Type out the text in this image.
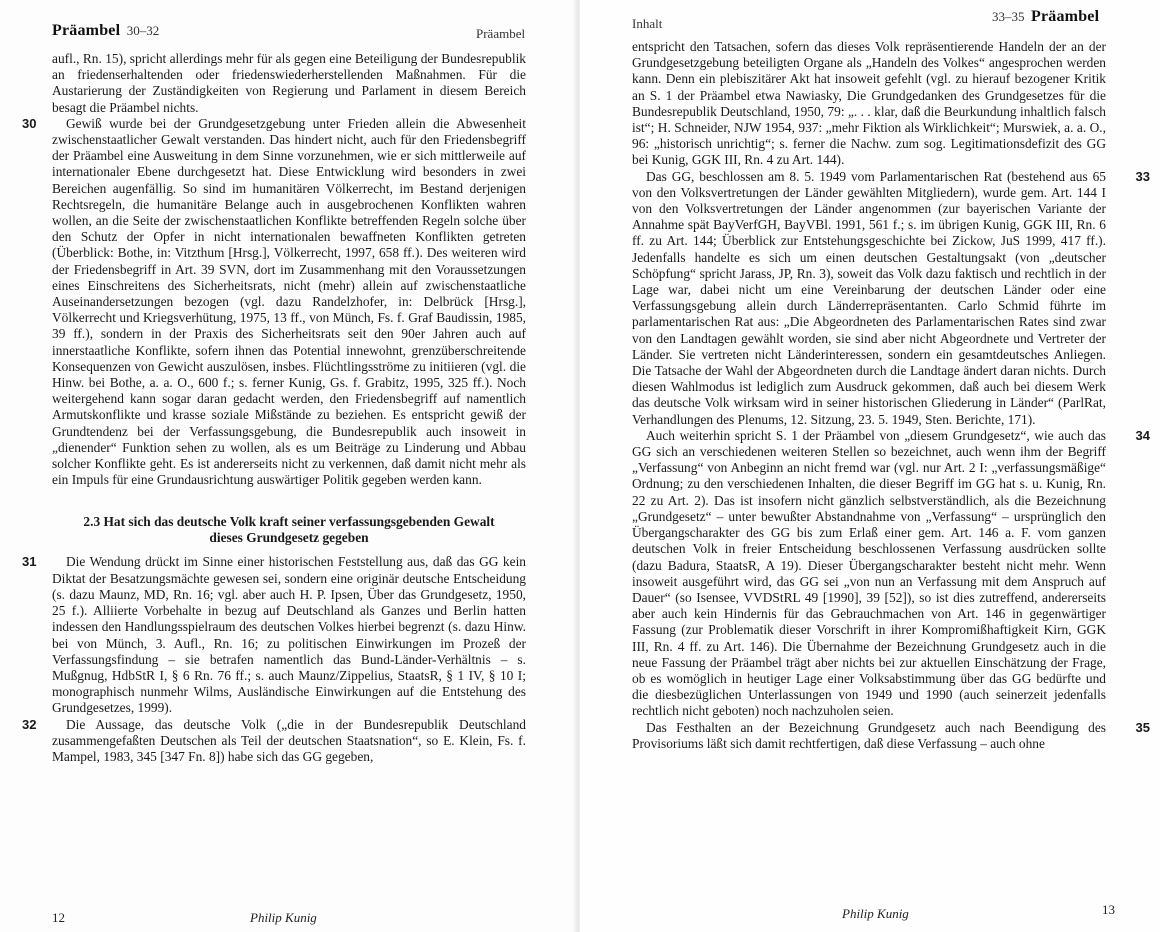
Präambel 30–32	Präambel

aufl., Rn. 15), spricht allerdings mehr für als gegen eine Beteiligung der Bundesrepublik an friedenserhaltenden oder friedenswiederherstellenden Maßnahmen. Für die Austarierung der Zuständigkeiten von Regierung und Parlament in diesem Bereich besagt die Präambel nichts.

30	Gewiß wurde bei der Grundgesetzgebung unter Frieden allein die Abwesenheit zwischenstaatlicher Gewalt verstanden. Das hindert nicht, auch für den Friedensbegriff der Präambel eine Ausweitung in dem Sinne vorzunehmen, wie er sich mittlerweile auf internationaler Ebene durchgesetzt hat. Diese Entwicklung wird besonders in zwei Bereichen augenfällig. So sind im humanitären Völkerrecht, im Bestand derjenigen Rechtsregeln, die humanitäre Belange auch in ausgebrochenen Konflikten wahren wollen, an die Seite der zwischenstaatlichen Konflikte betreffenden Regeln solche über den Schutz der Opfer in nicht internationalen bewaffneten Konflikten getreten (Überblick: Bothe, in: Vitzthum [Hrsg.], Völkerrecht, 1997, 658 ff.). Des weiteren wird der Friedensbegriff in Art. 39 SVN, dort im Zusammenhang mit den Voraussetzungen eines Einschreitens des Sicherheitsrats, nicht (mehr) allein auf zwischenstaatliche Auseinandersetzungen bezogen (vgl. dazu Randelzhofer, in: Delbrück [Hrsg.], Völkerrecht und Kriegsverhütung, 1975, 13 ff., von Münch, Fs. f. Graf Baudissin, 1985, 39 ff.), sondern in der Praxis des Sicherheitsrats seit den 90er Jahren auch auf innerstaatliche Konflikte, sofern ihnen das Potential innewohnt, grenzüberschreitende Konsequenzen von Gewicht auszulösen, insbes. Flüchtlingsströme zu initiieren (vgl. die Hinw. bei Bothe, a. a. O., 600 f.; s. ferner Kunig, Gs. f. Grabitz, 1995, 325 ff.). Noch weitergehend kann sogar daran gedacht werden, den Friedensbegriff auf namentlich Armutskonflikte und krasse soziale Mißstände zu beziehen. Es entspricht gewiß der Grundtendenz bei der Verfassungsgebung, die Bundesrepublik auch insoweit in „dienender“ Funktion sehen zu wollen, als es um Beiträge zu Linderung und Abbau solcher Konflikte geht. Es ist andererseits nicht zu verkennen, daß damit nicht mehr als ein Impuls für eine Grundausrichtung auswärtiger Politik gegeben werden kann.

2.3 Hat sich das deutsche Volk kraft seiner verfassungsgebenden Gewalt dieses Grundgesetz gegeben
31	Die Wendung drückt im Sinne einer historischen Feststellung aus, daß das GG kein Diktat der Besatzungsmächte gewesen sei, sondern eine originär deutsche Entscheidung (s. dazu Maunz, MD, Rn. 16; vgl. aber auch H. P. Ipsen, Über das Grundgesetz, 1950, 25 f.). Alliierte Vorbehalte in bezug auf Deutschland als Ganzes und Berlin hatten indessen den Handlungsspielraum des deutschen Volkes hierbei begrenzt (s. dazu Hinw. bei von Münch, 3. Aufl., Rn. 16; zu politischen Einwirkungen im Prozeß der Verfassungsfindung – sie betrafen namentlich das Bund-Länder-Verhältnis – s. Mußgnug, HdbStR I, § 6 Rn. 76 ff.; s. auch Maunz/Zippelius, StaatsR, § 1 IV, § 10 I; monographisch nunmehr Wilms, Ausländische Einwirkungen auf die Entstehung des Grundgesetzes, 1999).

32	Die Aussage, das deutsche Volk („die in der Bundesrepublik Deutschland zusammengefaßten Deutschen als Teil der deutschen Staatsnation“, so E. Klein, Fs. f. Mampel, 1983, 345 [347 Fn. 8]) habe sich das GG gegeben,

12	Philip Kunig
Inhalt	33–35 Präambel

entspricht den Tatsachen, sofern das dieses Volk repräsentierende Handeln der an der Grundgesetzgebung beteiligten Organe als „Handeln des Volkes“ angesprochen werden kann. Denn ein plebiszitärer Akt hat insoweit gefehlt (vgl. zu hierauf bezogener Kritik an S. 1 der Präambel etwa Nawiasky, Die Grundgedanken des Grundgesetzes für die Bundesrepublik Deutschland, 1950, 79: „. . . klar, daß die Beurkundung inhaltlich falsch ist“; H. Schneider, NJW 1954, 937: „mehr Fiktion als Wirklichkeit“; Murswiek, a. a. O., 96: „historisch unrichtig“; s. ferner die Nachw. zum sog. Legitimationsdefizit des GG bei Kunig, GGK III, Rn. 4 zu Art. 144).

33

Das GG, beschlossen am 8. 5. 1949 vom Parlamentarischen Rat (bestehend aus 65 von den Volksvertretungen der Länder gewählten Mitgliedern), wurde gem. Art. 144 I von den Volksvertretungen der Länder angenommen (zur bayerischen Variante der Annahme spät BayVerfGH, BayVBl. 1991, 561 f.; s. im übrigen Kunig, GGK III, Rn. 6 ff. zu Art. 144; Überblick zur Entstehungsgeschichte bei Zickow, JuS 1999, 417 ff.). Jedenfalls handelte es sich um einen deutschen Gestaltungsakt (von „deutscher Schöpfung“ spricht Jarass, JP, Rn. 3), soweit das Volk dazu faktisch und rechtlich in der Lage war, dabei nicht um eine Vereinbarung der deutschen Länder oder eine Verfassungsgebung allein durch Länderrepräsentanten. Carlo Schmid führte im parlamentarischen Rat aus: „Die Abgeordneten des Parlamentarischen Rates sind zwar von den Landtagen gewählt worden, sie sind aber nicht Abgeordnete und Vertreter der Länder. Sie vertreten nicht Länderinteressen, sondern ein gesamtdeutsches Anliegen. Die Tatsache der Wahl der Abgeordneten durch die Landtage ändert daran nichts. Durch diesen Wahlmodus ist lediglich zum Ausdruck gekommen, daß auch bei diesem Werk das deutsche Volk wirksam wird in seiner historischen Gliederung in Länder“ (ParlRat, Verhandlungen des Plenums, 12. Sitzung, 23. 5. 1949, Sten. Berichte, 171).

34

Auch weiterhin spricht S. 1 der Präambel von „diesem Grundgesetz“, wie auch das GG sich an verschiedenen weiteren Stellen so bezeichnet, auch wenn ihm der Begriff „Verfassung“ von Anbeginn an nicht fremd war (vgl. nur Art. 2 I: „verfassungsmäßige“ Ordnung; zu den verschiedenen Inhalten, die dieser Begriff im GG hat s. u. Kunig, Rn. 22 zu Art. 2). Das ist insofern nicht gänzlich selbstverständlich, als die Bezeichnung „Grundgesetz“ – unter bewußter Abstandnahme von „Verfassung“ – ursprünglich den Übergangscharakter des GG bis zum Erlaß einer gem. Art. 146 a. F. vom ganzen deutschen Volk in freier Entscheidung beschlossenen Verfassung ausdrücken sollte (dazu Badura, StaatsR, A 19). Dieser Übergangscharakter besteht nicht mehr. Wenn insoweit ausgeführt wird, das GG sei „von nun an Verfassung mit dem Anspruch auf Dauer“ (so Isensee, VVDStRL 49 [1990], 39 [52]), so ist dies zutreffend, andererseits aber auch kein Hindernis für das Gebrauchmachen von Art. 146 in gegenwärtiger Fassung (zur Problematik dieser Vorschrift in ihrer Kompromißhaftigkeit Kirn, GGK III, Rn. 4 ff. zu Art. 146). Die Übernahme der Bezeichnung Grundgesetz auch in die neue Fassung der Präambel trägt aber nichts bei zur aktuellen Einschätzung der Frage, ob es womöglich in heutiger Lage einer Volksabstimmung über das GG bedürfte und die diesbezüglichen Unterlassungen von 1949 und 1990 (auch seinerzeit jedenfalls rechtlich nicht geboten) noch nachzuholen seien.

35

Das Festhalten an der Bezeichnung Grundgesetz auch nach Beendigung des Provisoriums läßt sich damit rechtfertigen, daß diese Verfassung – auch ohne

Philip Kunig	13
